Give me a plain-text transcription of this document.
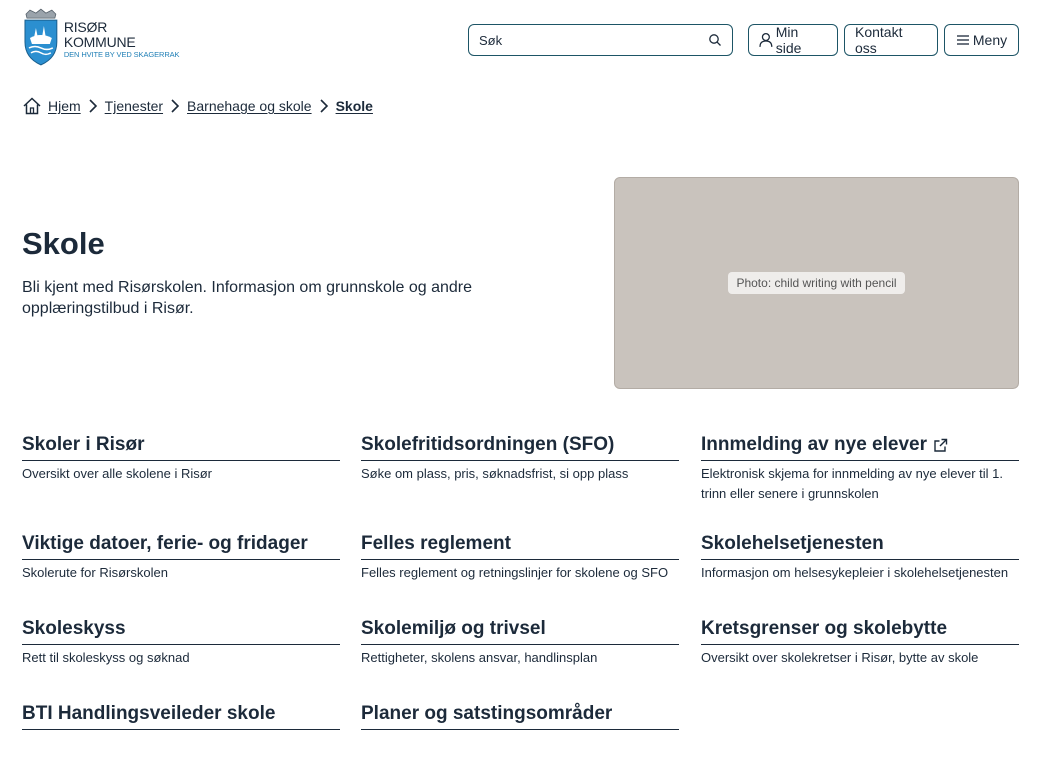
RISØR KOMMUNE
DEN HVITE BY VED SKAGERRAK
Søk
Min side
Kontakt oss	Meny
Hjem Tjenester Barnehage og skole Skole
Skole

Bli kjent med Risørskolen. Informasjon om grunnskole og andre opplæringstilbud i Risør.

Photo: child writing with pencil
Skoler i Risør
Oversikt over alle skolene i Risør
Skolefritidsordningen (SFO)
Søke om plass, pris, søknadsfrist, si opp plass
Innmelding av nye elever
Elektronisk skjema for innmelding av nye elever til 1. trinn eller senere i grunnskolen
Viktige datoer, ferie- og fridager
Skolerute for Risørskolen
Felles reglement
Felles reglement og retningslinjer for skolene og SFO
Skolehelsetjenesten
Informasjon om helsesykepleier i skolehelsetjenesten
Skoleskyss
Rett til skoleskyss og søknad
Skolemiljø og trivsel
Rettigheter, skolens ansvar, handlinsplan
Kretsgrenser og skolebytte
Oversikt over skolekretser i Risør, bytte av skole
BTI Handlingsveileder skole	Planer og satstingsområder
